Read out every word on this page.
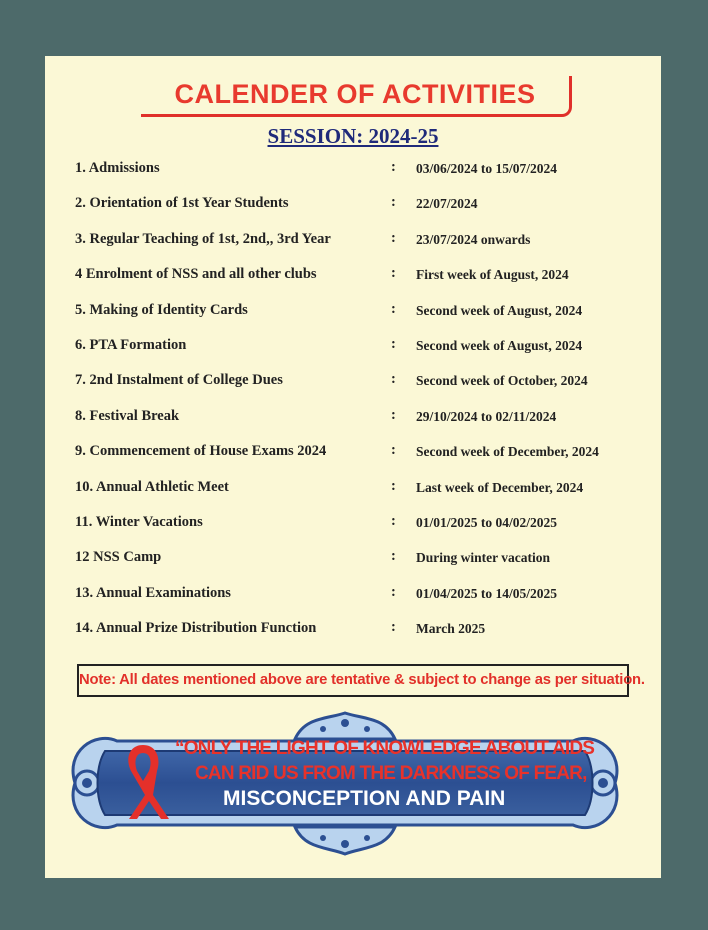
CALENDER OF ACTIVITIES
SESSION: 2024-25
1. Admissions	: 03/06/2024 to 15/07/2024
2. Orientation of 1st Year Students	: 22/07/2024
3. Regular Teaching of 1st, 2nd,, 3rd Year	: 23/07/2024 onwards
4 Enrolment of NSS and all other clubs	: First week of August, 2024
5. Making of Identity Cards	: Second week of August, 2024
6. PTA Formation	: Second week of August, 2024
7. 2nd Instalment of College Dues	: Second week of October, 2024
8. Festival Break	: 29/10/2024 to 02/11/2024
9. Commencement of House Exams 2024	: Second week of December, 2024
10. Annual Athletic Meet	: Last week of December, 2024
11. Winter Vacations	: 01/01/2025 to 04/02/2025
12 NSS Camp	: During winter vacation
13. Annual Examinations	: 01/04/2025 to 14/05/2025
14. Annual Prize Distribution Function	: March 2025
Note: All dates mentioned above are tentative & subject to change as per situation.
“ONLY THE LIGHT OF KNOWLEDGE ABOUT AIDS
CAN RID US FROM THE DARKNESS OF FEAR,
MISCONCEPTION AND PAIN
